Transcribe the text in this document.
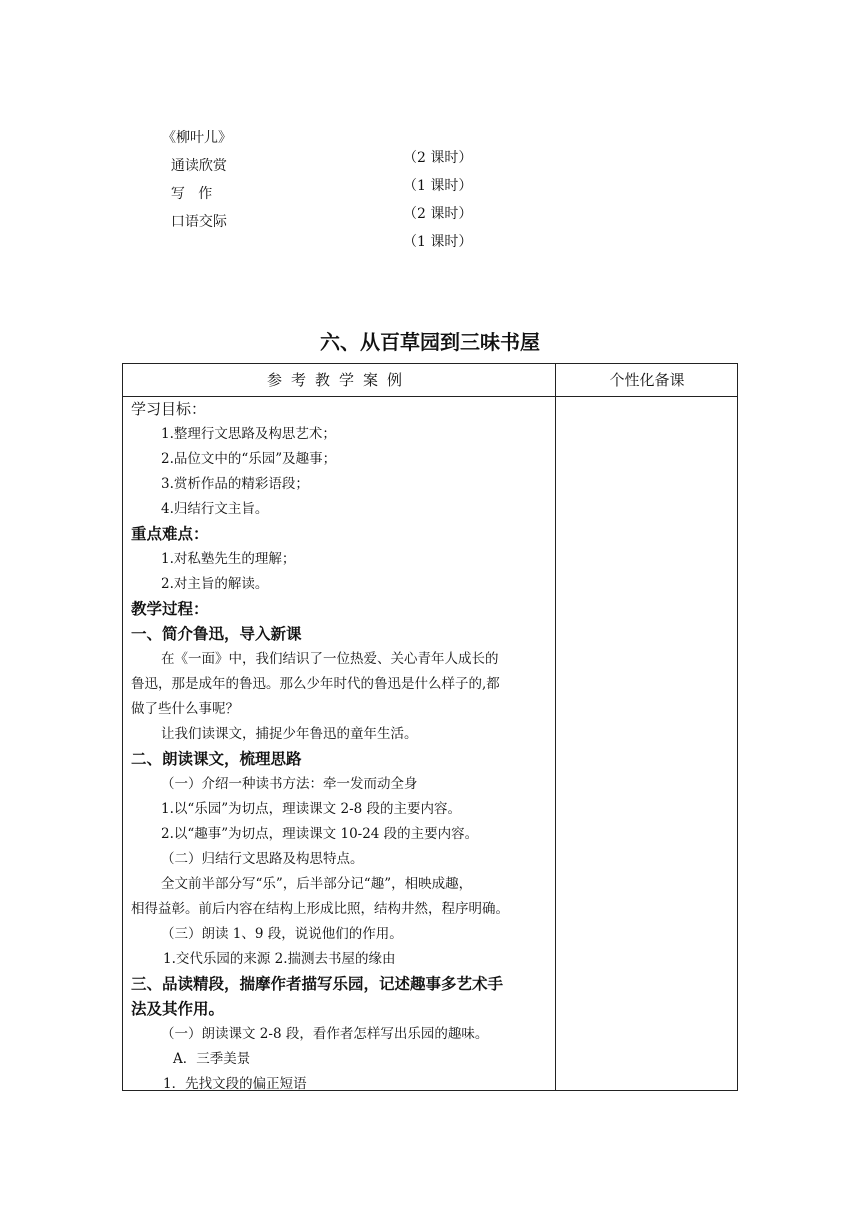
《柳叶儿》

（2 课时）

通读欣赏

（1 课时）

写   作

（2 课时）

口语交际

（1 课时）

六、从百草园到三味书屋
参考教学案例	个性化备课
学习目标：
1.整理行文思路及构思艺术；
2.品位文中的“乐园”及趣事；
3.赏析作品的精彩语段；
4.归结行文主旨。
重点难点：
1.对私塾先生的理解；
2.对主旨的解读。
教学过程：
一、简介鲁迅，导入新课
在《一面》中，我们结识了一位热爱、关心青年人成长的
鲁迅，那是成年的鲁迅。那么少年时代的鲁迅是什么样子的,都
做了些什么事呢？
让我们读课文，捕捉少年鲁迅的童年生活。
二、朗读课文，梳理思路
（一）介绍一种读书方法：牵一发而动全身
1.以“乐园”为切点，理读课文 2-8 段的主要内容。
2.以“趣事”为切点，理读课文 10-24 段的主要内容。
（二）归结行文思路及构思特点。
全文前半部分写“乐”，后半部分记“趣”，相映成趣，
相得益彰。前后内容在结构上形成比照，结构井然，程序明确。
（三）朗读 1、9 段，说说他们的作用。
1.交代乐园的来源 2.揣测去书屋的缘由
三、品读精段，揣摩作者描写乐园，记述趣事多艺术手
法及其作用。
（一）朗读课文 2-8 段，看作者怎样写出乐园的趣味。
A．三季美景
1．先找文段的偏正短语
